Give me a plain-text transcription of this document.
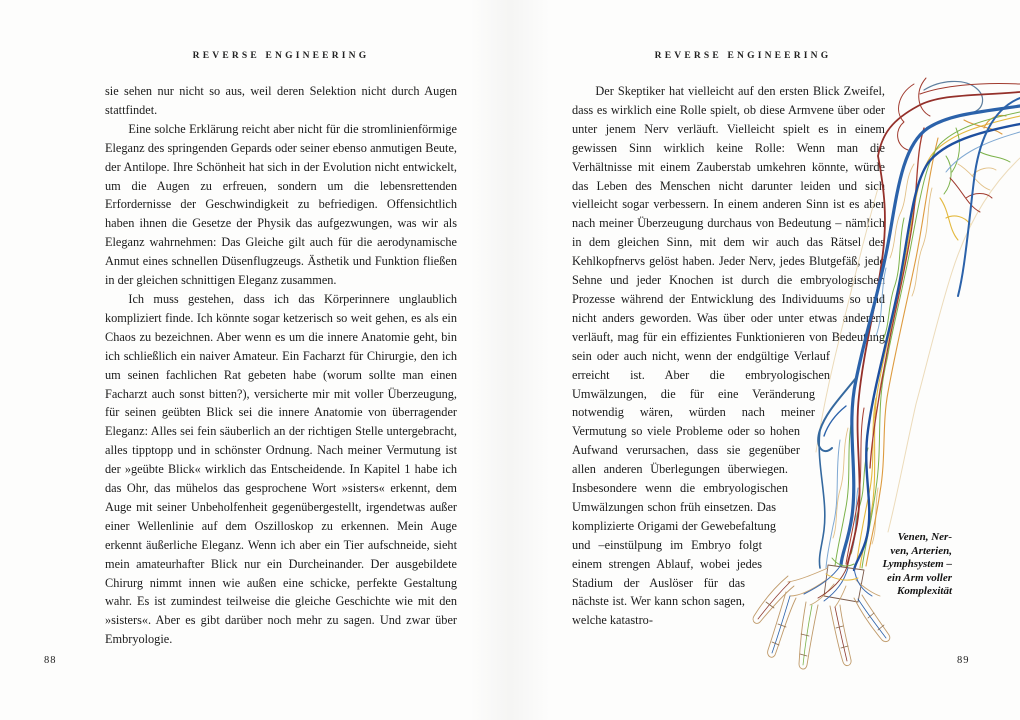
REVERSE ENGINEERING

sie sehen nur nicht so aus, weil deren Selektion nicht durch Augen stattfindet.

Eine solche Erklärung reicht aber nicht für die stromlinienförmige Eleganz des springenden Gepards oder seiner ebenso anmutigen Beute, der Antilope. Ihre Schönheit hat sich in der Evolution nicht entwickelt, um die Augen zu erfreuen, sondern um die lebensrettenden Erfordernisse der Geschwindigkeit zu befriedigen. Offensichtlich haben ihnen die Gesetze der Physik das aufgezwungen, was wir als Eleganz wahrnehmen: Das Gleiche gilt auch für die aerodynamische Anmut eines schnellen Düsenflugzeugs. Ästhetik und Funktion fließen in der gleichen schnittigen Eleganz zusammen.

Ich muss gestehen, dass ich das Körperinnere unglaublich kompliziert finde. Ich könnte sogar ketzerisch so weit gehen, es als ein Chaos zu bezeichnen. Aber wenn es um die innere Anatomie geht, bin ich schließlich ein naiver Amateur. Ein Facharzt für Chirurgie, den ich um seinen fachlichen Rat gebeten habe (worum sollte man einen Facharzt auch sonst bitten?), versicherte mir mit voller Überzeugung, für seinen geübten Blick sei die innere Anatomie von überragender Eleganz: Alles sei fein säuberlich an der richtigen Stelle untergebracht, alles tipptopp und in schönster Ordnung. Nach meiner Vermutung ist der »geübte Blick« wirklich das Entscheidende. In Kapitel 1 habe ich das Ohr, das mühelos das gesprochene Wort »sisters« erkennt, dem Auge mit seiner Unbeholfenheit gegenübergestellt, irgendetwas außer einer Wellenlinie auf dem Oszilloskop zu erkennen. Mein Auge erkennt äußerliche Eleganz. Wenn ich aber ein Tier aufschneide, sieht mein amateurhafter Blick nur ein Durcheinander. Der ausgebildete Chirurg nimmt innen wie außen eine schicke, perfekte Gestaltung wahr. Es ist zumindest teilweise die gleiche Geschichte wie mit den »sisters«. Aber es gibt darüber noch mehr zu sagen. Und zwar über Embryologie.

88
REVERSE ENGINEERING

Der Skeptiker hat vielleicht auf den ersten Blick Zweifel, dass es wirklich eine Rolle spielt, ob diese Armvene über oder unter jenem Nerv verläuft. Vielleicht spielt es in einem gewissen Sinn wirklich keine Rolle: Wenn man die Verhältnisse mit einem Zauberstab umkehren könnte, würde das Leben des Menschen nicht darunter leiden und sich vielleicht sogar verbessern. In einem anderen Sinn ist es aber nach meiner Überzeugung durchaus von Bedeutung – nämlich in dem gleichen Sinn, mit dem wir auch das Rätsel des Kehlkopfnervs gelöst haben. Jeder Nerv, jedes Blutgefäß, jede Sehne und jeder Knochen ist durch die embryologischen Prozesse während der Entwicklung des Individuums so und nicht anders geworden. Was über oder unter etwas anderem verläuft, mag für ein effizientes Funktionieren von Bedeutung sein oder auch nicht, wenn der endgültige Verlauf erreicht ist. Aber die embryologischen Umwälzungen, die für eine Veränderung notwendig wären, würden nach meiner Vermutung so viele Probleme oder so hohen Aufwand verursachen, dass sie gegenüber allen anderen Überlegungen überwiegen. Insbesondere wenn die embryologischen Umwälzungen schon früh einsetzen. Das komplizierte Origami der Gewebefaltung und –einstülpung im Embryo folgt einem strengen Ablauf, wobei jedes Stadium der Auslöser für das nächste ist. Wer kann schon sagen, welche katastro-

Venen, Ner-
ven, Arterien,
Lymphsystem –
ein Arm voller
Komplexität
89
